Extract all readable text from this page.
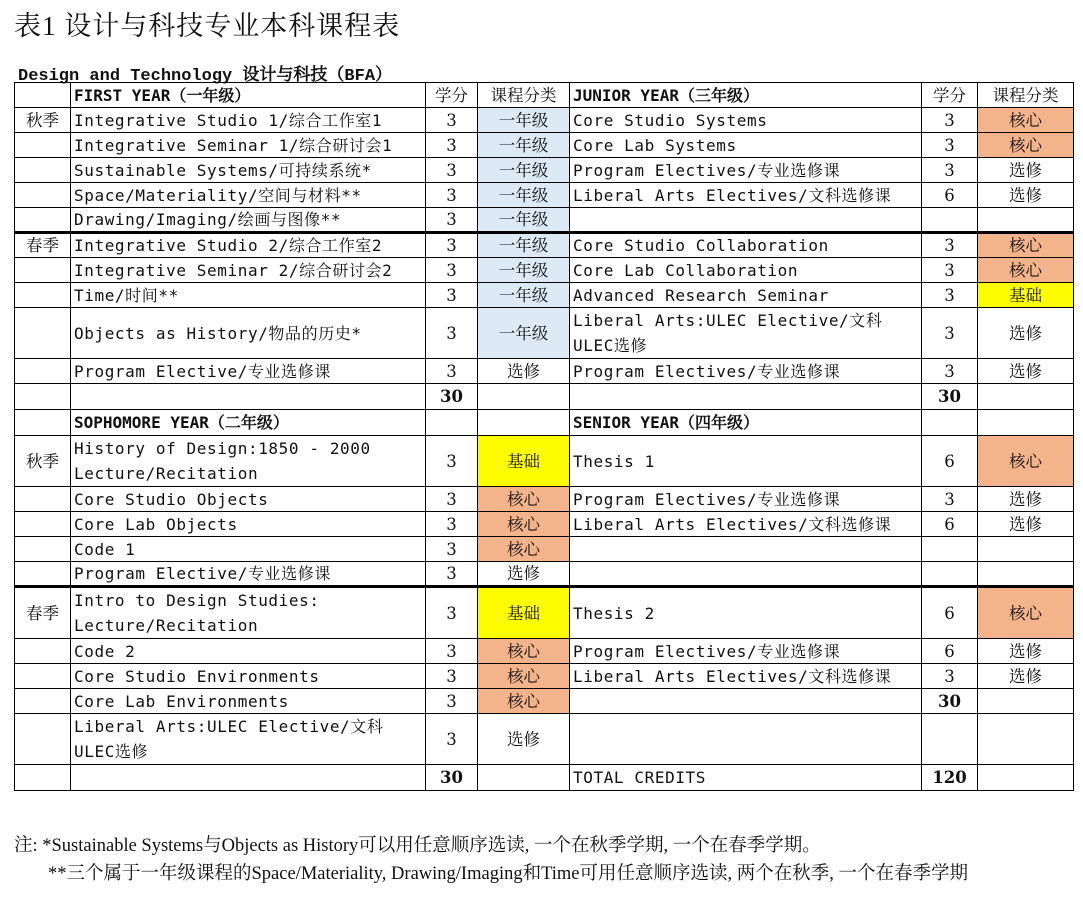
表1 设计与科技专业本科课程表
Design and Technology 设计与科技（BFA）
	FIRST YEAR（一年级）	学分	课程分类	JUNIOR YEAR（三年级）	学分	课程分类
秋季	Integrative Studio 1/综合工作室1	3	一年级	Core Studio Systems	3	核心
	Integrative Seminar 1/综合研讨会1	3	一年级	Core Lab Systems	3	核心
	Sustainable Systems/可持续系统*	3	一年级	Program Electives/专业选修课	3	选修
	Space/Materiality/空间与材料**	3	一年级	Liberal Arts Electives/文科选修课	6	选修
	Drawing/Imaging/绘画与图像**	3	一年级			
春季	Integrative Studio 2/综合工作室2	3	一年级	Core Studio Collaboration	3	核心
	Integrative Seminar 2/综合研讨会2	3	一年级	Core Lab Collaboration	3	核心
	Time/时间**	3	一年级	Advanced Research Seminar	3	基础
	Objects as History/物品的历史*	3	一年级	Liberal Arts:ULEC Elective/文科ULEC选修	3	选修
	Program Elective/专业选修课	3	选修	Program Electives/专业选修课	3	选修
		30			30	
	SOPHOMORE YEAR（二年级）			SENIOR YEAR（四年级）		
秋季	History of Design:1850 - 2000 Lecture/Recitation	3	基础	Thesis 1	6	核心
	Core Studio Objects	3	核心	Program Electives/专业选修课	3	选修
	Core Lab Objects	3	核心	Liberal Arts Electives/文科选修课	6	选修
	Code 1	3	核心			
	Program Elective/专业选修课	3	选修			
春季	Intro to Design Studies: Lecture/Recitation	3	基础	Thesis 2	6	核心
	Code 2	3	核心	Program Electives/专业选修课	6	选修
	Core Studio Environments	3	核心	Liberal Arts Electives/文科选修课	3	选修
	Core Lab Environments	3	核心		30	
	Liberal Arts:ULEC Elective/文科ULEC选修	3	选修			
		30		TOTAL CREDITS	120	
注: *Sustainable Systems与Objects as History可以用任意顺序选读, 一个在秋季学期, 一个在春季学期。
**三个属于一年级课程的Space/Materiality, Drawing/Imaging和Time可用任意顺序选读, 两个在秋季, 一个在春季学期
